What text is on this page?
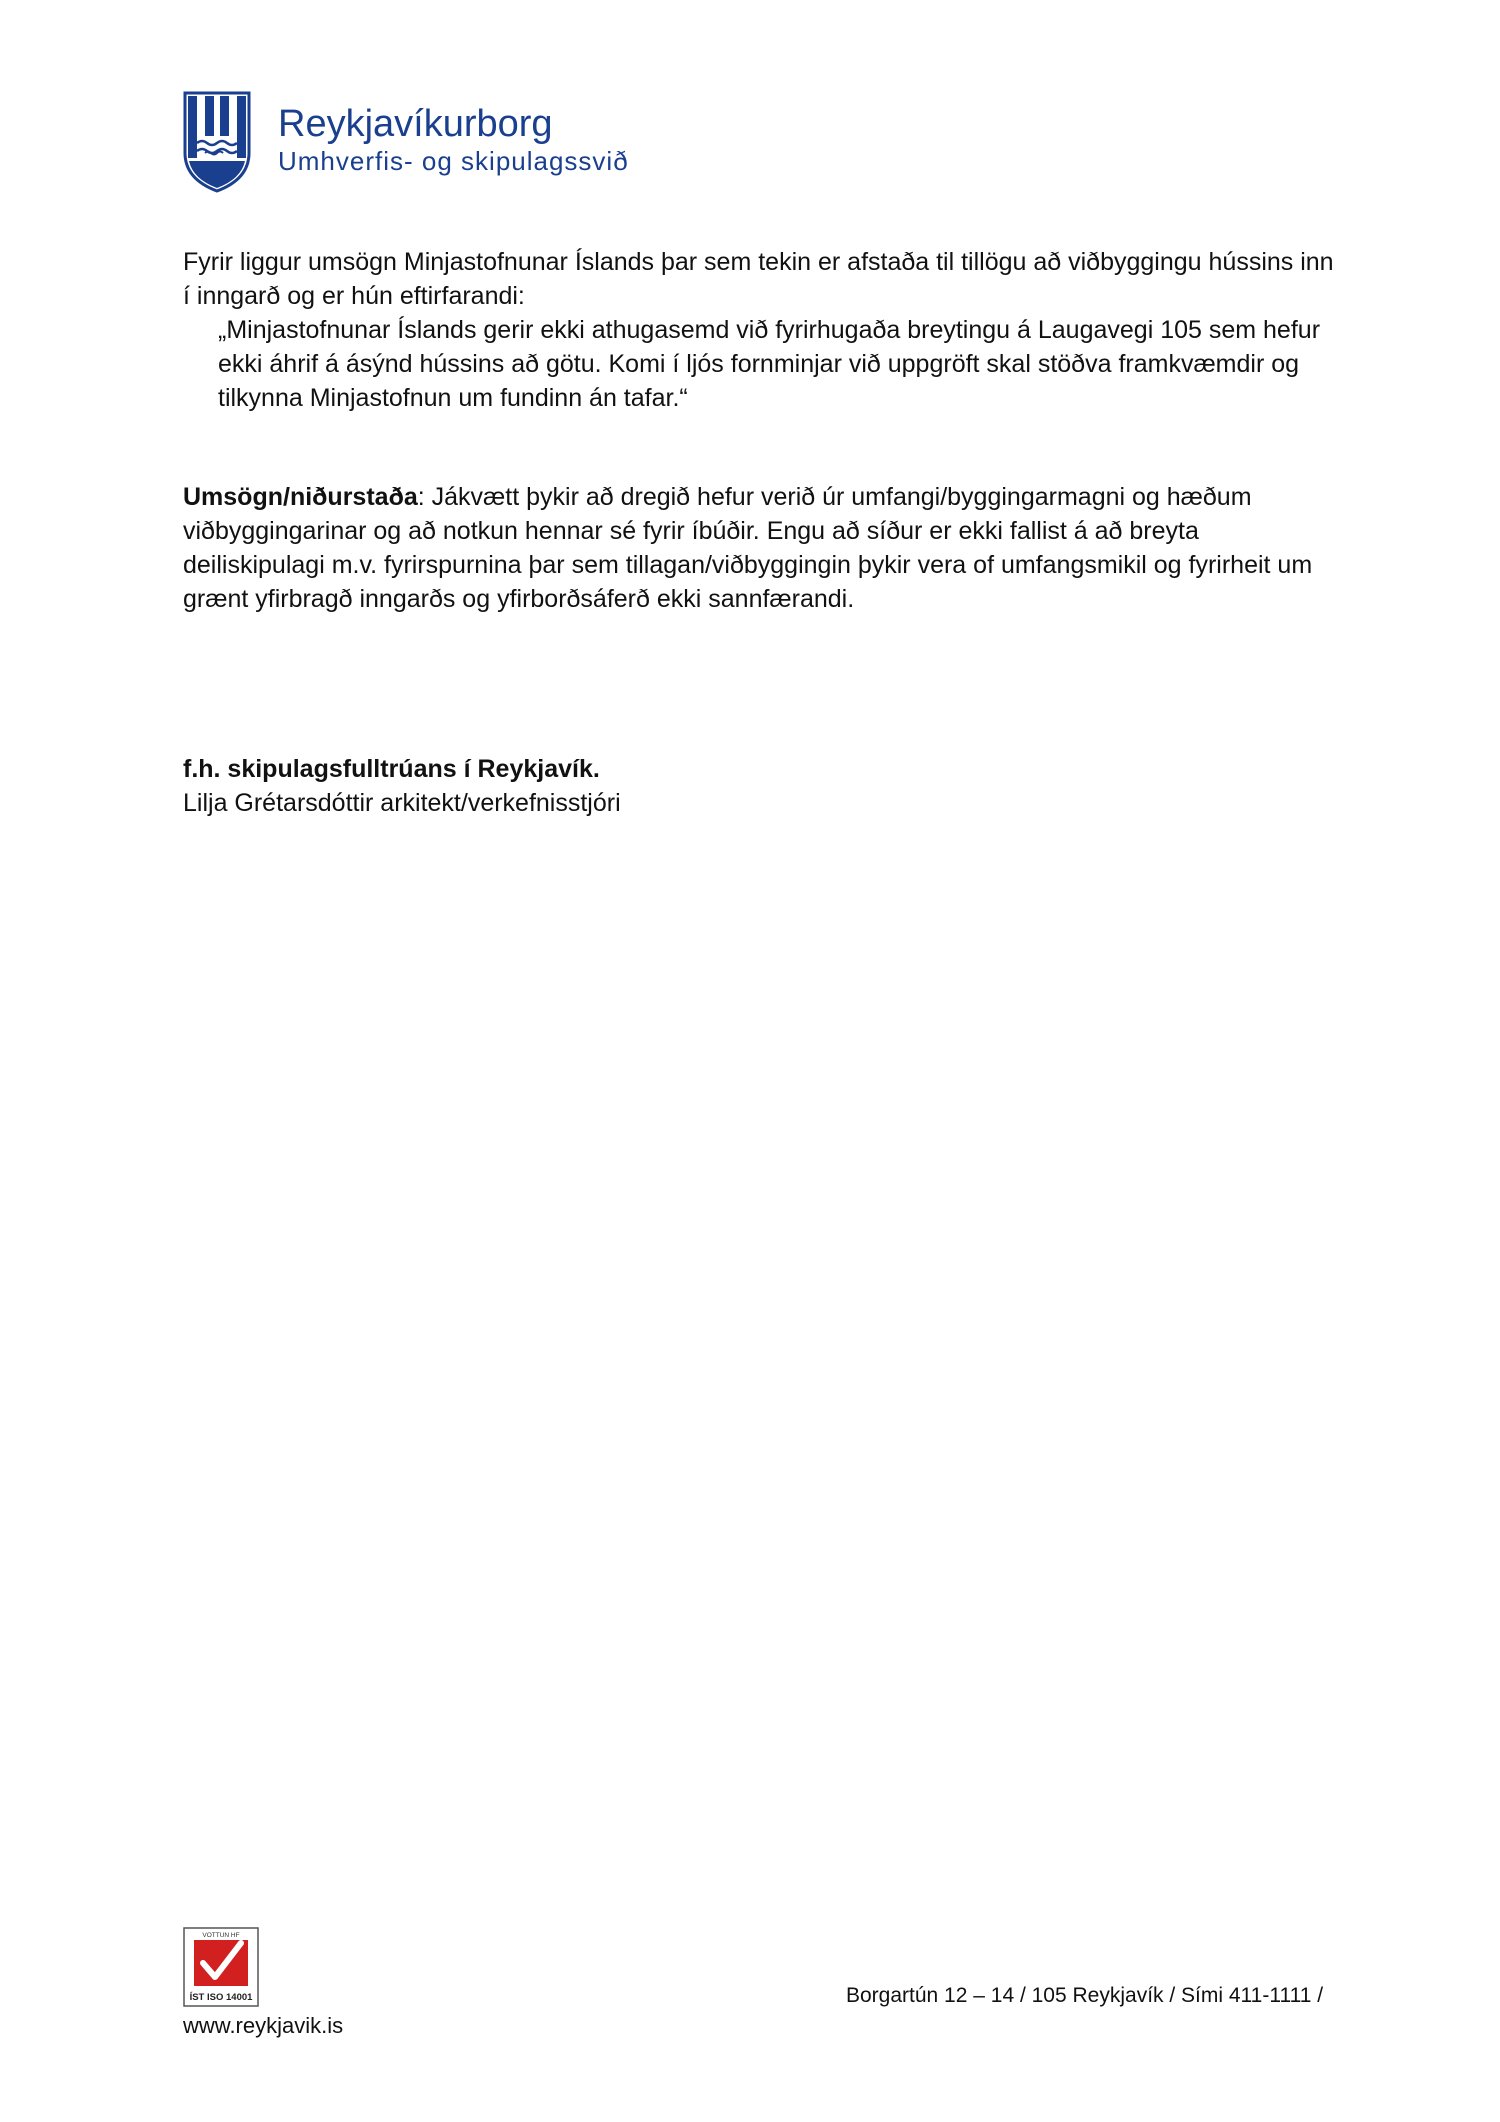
Reykjavíkurborg
Umhverfis- og skipulagssvið
Fyrir liggur umsögn Minjastofnunar Íslands þar sem tekin er afstaða til tillögu að viðbyggingu hússins inn í inngarð og er hún eftirfarandi:
„Minjastofnunar Íslands gerir ekki athugasemd við fyrirhugaða breytingu á Laugavegi 105 sem hefur ekki áhrif á ásýnd hússins að götu. Komi í ljós fornminjar við uppgröft skal stöðva framkvæmdir og tilkynna Minjastofnun um fundinn án tafar.“
Umsögn/niðurstaða: Jákvætt þykir að dregið hefur verið úr umfangi/byggingarmagni og hæðum viðbyggingarinar og að notkun hennar sé fyrir íbúðir. Engu að síður er ekki fallist á að breyta deiliskipulagi m.v. fyrirspurnina þar sem tillagan/viðbyggingin þykir vera of umfangsmikil og fyrirheit um grænt yfirbragð inngarðs og yfirborðsáferð ekki sannfærandi.
f.h. skipulagsfulltrúans í Reykjavík.
Lilja Grétarsdóttir arkitekt/verkefnisstjóri
VOTTUN HF
ÍST ISO 14001
www.reykjavik.is
Borgartún 12 – 14 / 105 Reykjavík / Sími 411-1111 /
